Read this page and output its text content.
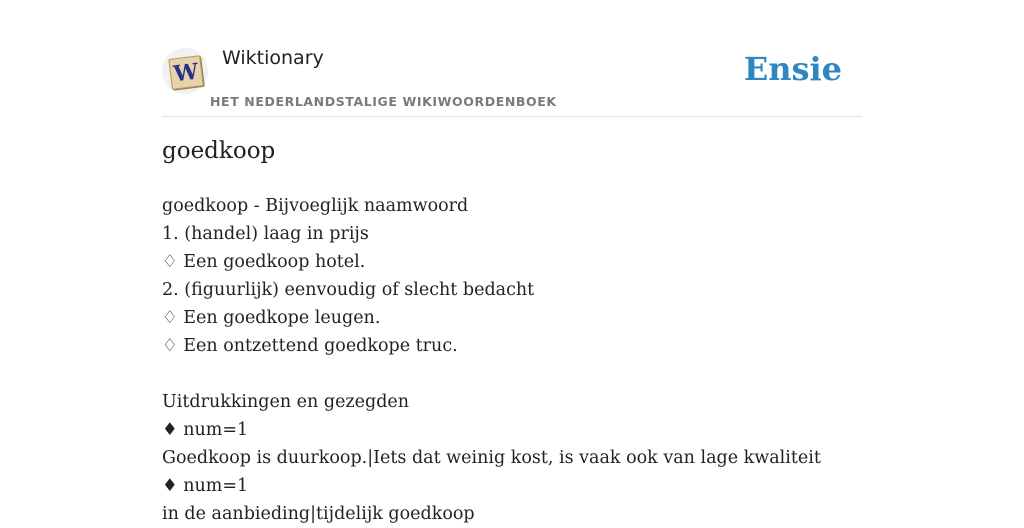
W
Wiktionary
HET NEDERLANDSTALIGE WIKIWOORDENBOEK
Ensie
goedkoop
goedkoop - Bijvoeglijk naamwoord
1. (handel) laag in prijs
♢ Een goedkoop hotel.
2. (figuurlijk) eenvoudig of slecht bedacht
♢ Een goedkope leugen.
♢ Een ontzettend goedkope truc.
Uitdrukkingen en gezegden
♦ num=1
Goedkoop is duurkoop.|Iets dat weinig kost, is vaak ook van lage kwaliteit
♦ num=1
in de aanbieding|tijdelijk goedkoop
